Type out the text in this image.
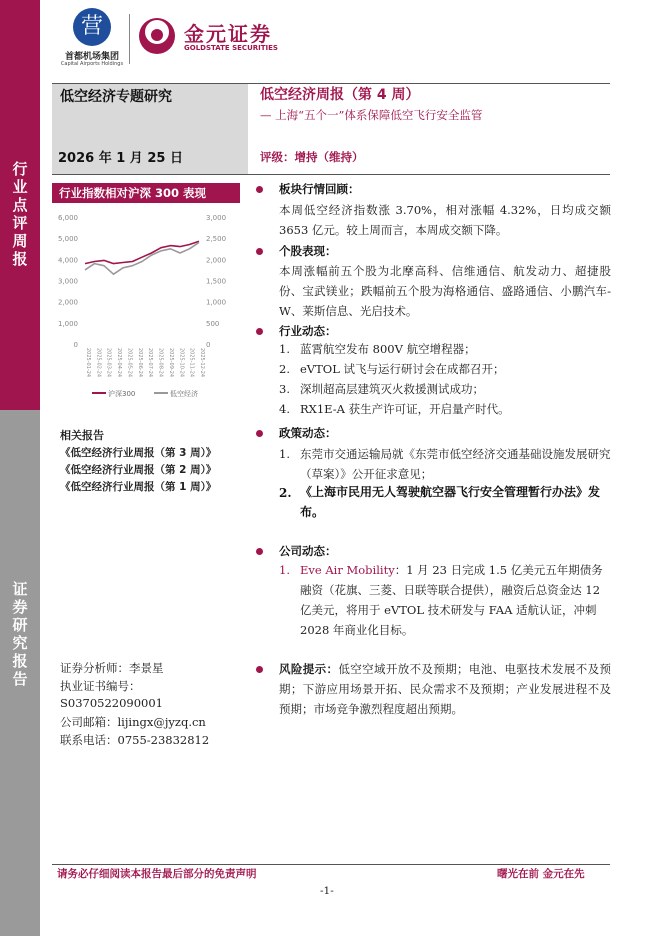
行业点评周报
证券研究报告
营
首都机场集团
Capital Airports Holdings
金元证券
GOLDSTATE SECURITIES
低空经济专题研究
2026 年 1 月 25 日
低空经济周报（第 4 周）
— 上海“五个一”体系保障低空飞行安全监管
评级：增持（维持）
行业指数相对沪深 300 表现
6,000
5,000
4,000
3,000
2,000
1,000
0
3,000
2,500
2,000
1,500
1,000
500
0
2025-01-24 2025-02-24 2025-03-24 2025-04-24 2025-05-24 2025-06-24 2025-07-24 2025-08-24 2025-09-24 2025-10-24 2025-11-24 2025-12-24
沪深300	低空经济
相关报告
《低空经济行业周报（第 3 周）》
《低空经济行业周报（第 2 周）》
《低空经济行业周报（第 1 周）》
证券分析师：李景星
执业证书编号：
S0370522090001
公司邮箱：lijingx@jyzq.cn
联系电话：0755-23832812
板块行情回顾：
本周低空经济指数涨 3.70%，相对涨幅 4.32%，日均成交额3653 亿元。较上周而言，本周成交额下降。
个股表现：
本周涨幅前五个股为北摩高科、信维通信、航发动力、超捷股份、宝武镁业；跌幅前五个股为海格通信、盛路通信、小鹏汽车-W、莱斯信息、光启技术。
行业动态：
1. 蓝霄航空发布 800V 航空增程器；
2. eVTOL 试飞与运行研讨会在成都召开；
3. 深圳超高层建筑灭火救援测试成功；
4. RX1E-A 获生产许可证，开启量产时代。
政策动态：
1. 东莞市交通运输局就《东莞市低空经济交通基础设施发展研究（草案）》公开征求意见；
2. 《上海市民用无人驾驶航空器飞行安全管理暂行办法》发布。
公司动态：
1. Eve Air Mobility：1 月 23 日完成 1.5 亿美元五年期债务融资（花旗、三菱、日联等联合提供），融资后总资金达 12 亿美元，将用于 eVTOL 技术研发与 FAA 适航认证，冲刺 2028 年商业化目标。
风险提示：低空空域开放不及预期；电池、电驱技术发展不及预期；下游应用场景开拓、民众需求不及预期；产业发展进程不及预期；市场竞争激烈程度超出预期。
请务必仔细阅读本报告最后部分的免责声明	曙光在前 金元在先
-1-
